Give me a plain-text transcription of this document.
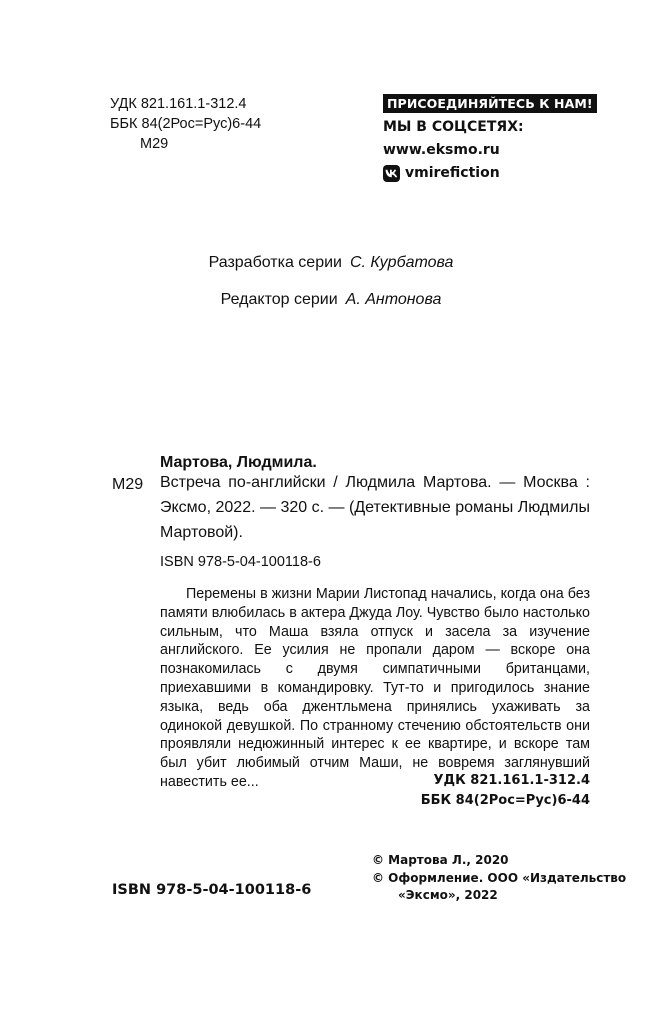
УДК 821.161.1-312.4
ББК 84(2Рос=Рус)6-44
М29
ПРИСОЕДИНЯЙТЕСЬ К НАМ!
МЫ В СОЦСЕТЯХ:
www.eksmo.ru
vmirefiction
Разработка серии С. Курбатова
Редактор серии А. Антонова
Мартова, Людмила.
М29 Встреча по-английски / Людмила Мартова. — Москва : Эксмо, 2022. — 320 с. — (Детективные романы Людмилы Мартовой).
ISBN 978-5-04-100118-6
Перемены в жизни Марии Листопад начались, когда она без памяти влюбилась в актера Джуда Лоу. Чувство было настолько сильным, что Маша взяла отпуск и засела за изучение английского. Ее усилия не пропали даром — вскоре она познакомилась с двумя симпатичными британцами, приехавшими в командировку. Тут-то и пригодилось знание языка, ведь оба джентльмена принялись ухаживать за одинокой девушкой. По странному стечению обстоятельств они проявляли недюжинный интерес к ее квартире, и вскоре там был убит любимый отчим Маши, не вовремя заглянувший навестить ее...	УДК 821.161.1-312.4
ББК 84(2Рос=Рус)6-44
© Мартова Л., 2020
© Оформление. ООО «Издательство
«Эксмо», 2022
ISBN 978-5-04-100118-6
